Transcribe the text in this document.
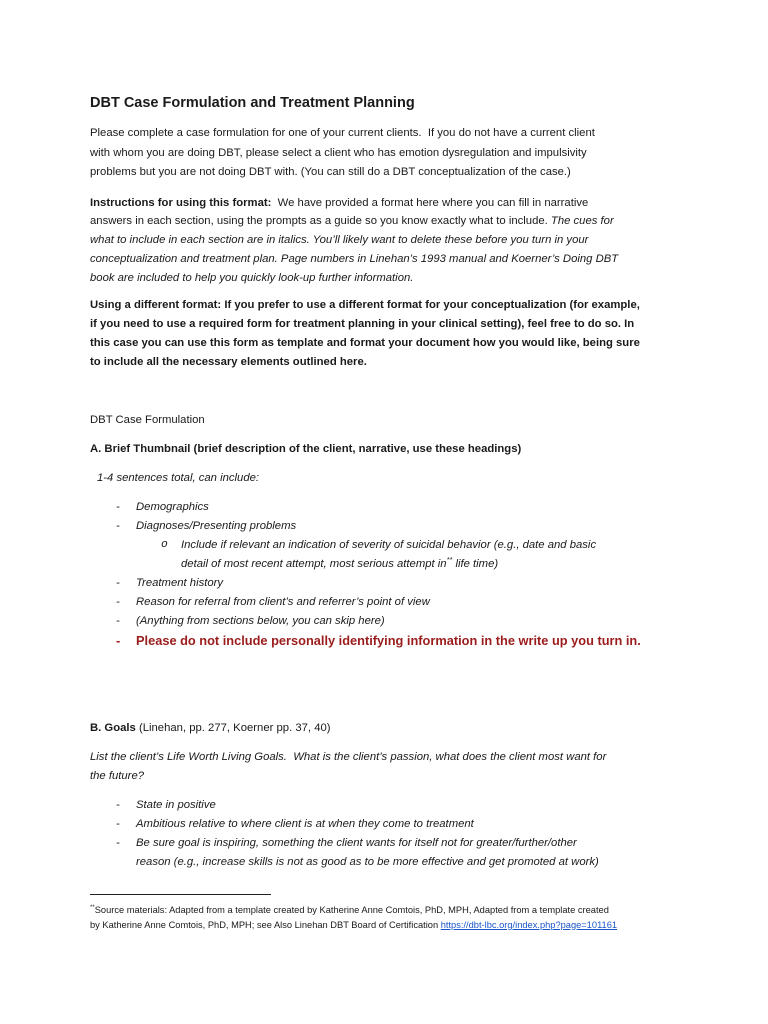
DBT Case Formulation and Treatment Planning
Please complete a case formulation for one of your current clients.  If you do not have a current client
with whom you are doing DBT, please select a client who has emotion dysregulation and impulsivity
problems but you are not doing DBT with. (You can still do a DBT conceptualization of the case.)
Instructions for using this format:  We have provided a format here where you can fill in narrative
answers in each section, using the prompts as a guide so you know exactly what to include. The cues for
what to include in each section are in italics. You’ll likely want to delete these before you turn in your
conceptualization and treatment plan. Page numbers in Linehan’s 1993 manual and Koerner’s Doing DBT
book are included to help you quickly look-up further information.
Using a different format: If you prefer to use a different format for your conceptualization (for example,
if you need to use a required form for treatment planning in your clinical setting), feel free to do so. In
this case you can use this form as template and format your document how you would like, being sure
to include all the necessary elements outlined here.
DBT Case Formulation
A. Brief Thumbnail (brief description of the client, narrative, use these headings)
1-4 sentences total, can include:
- Demographics
- Diagnoses/Presenting problems
o Include if relevant an indication of severity of suicidal behavior (e.g., date and basic
detail of most recent attempt, most serious attempt in** life time)
- Treatment history
- Reason for referral from client’s and referrer’s point of view
- (Anything from sections below, you can skip here)
- Please do not include personally identifying information in the write up you turn in.
B. Goals (Linehan, pp. 277, Koerner pp. 37, 40)
List the client’s Life Worth Living Goals.  What is the client’s passion, what does the client most want for
the future?
- State in positive
- Ambitious relative to where client is at when they come to treatment
- Be sure goal is inspiring, something the client wants for itself not for greater/further/other
reason (e.g., increase skills is not as good as to be more effective and get promoted at work)
**Source materials: Adapted from a template created by Katherine Anne Comtois, PhD, MPH, Adapted from a template created
by Katherine Anne Comtois, PhD, MPH; see Also Linehan DBT Board of Certification https://dbt-lbc.org/index.php?page=101161
